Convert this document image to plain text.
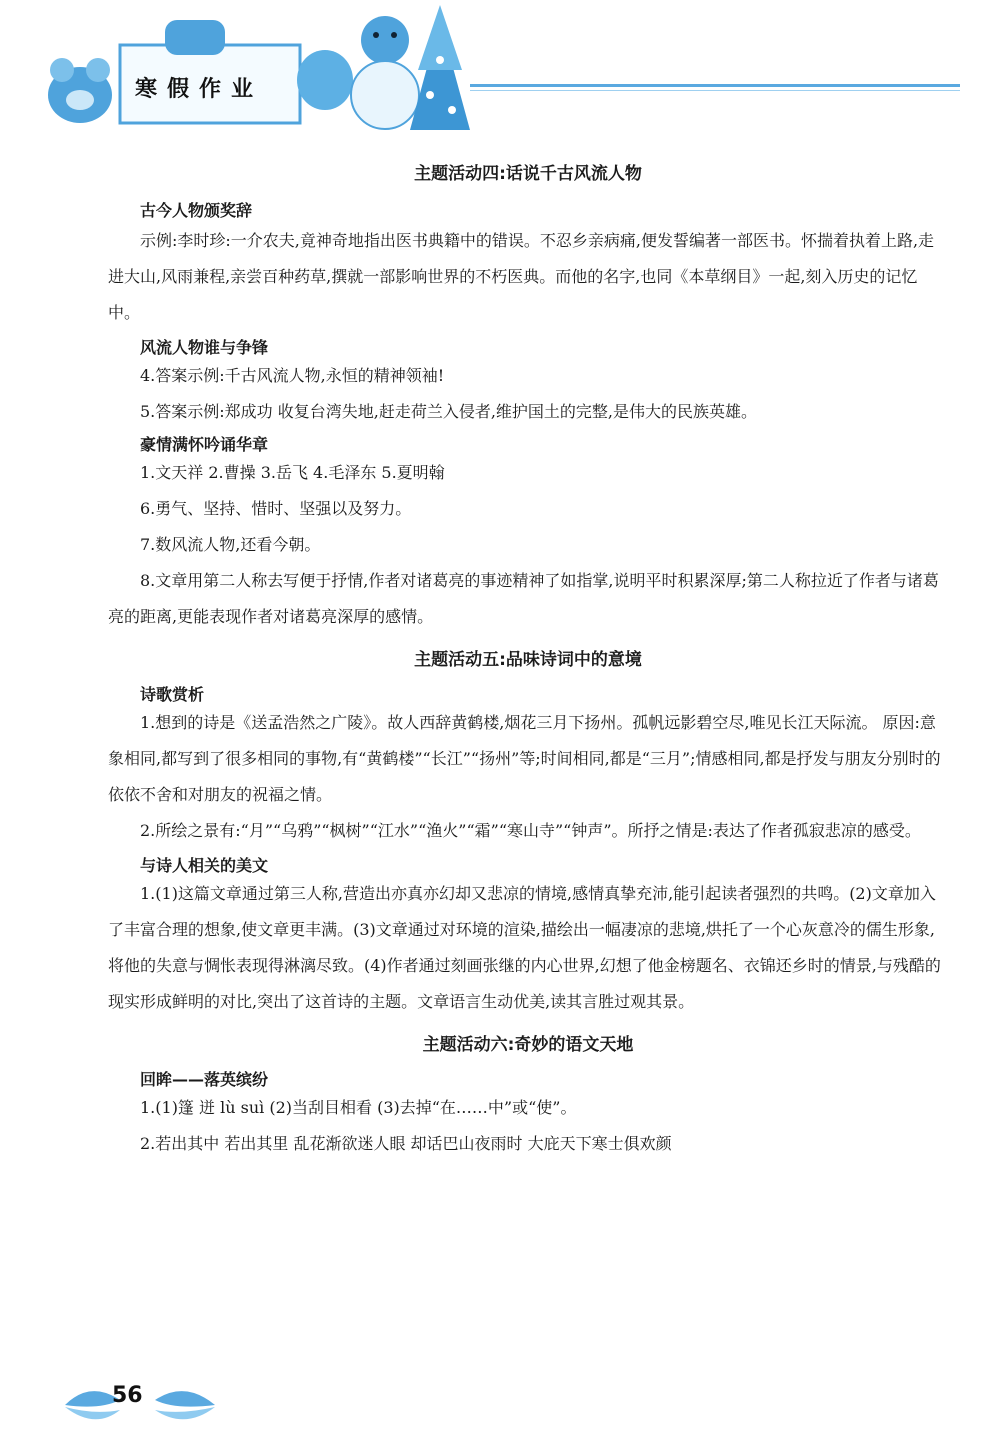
寒假作业

主题活动四:话说千古风流人物

古今人物颁奖辞

示例:李时珍:一介农夫,竟神奇地指出医书典籍中的错误。不忍乡亲病痛,便发誓编著一部医书。怀揣着执着上路,走进大山,风雨兼程,亲尝百种药草,撰就一部影响世界的不朽医典。而他的名字,也同《本草纲目》一起,刻入历史的记忆中。

风流人物谁与争锋

4.答案示例:千古风流人物,永恒的精神领袖!

5.答案示例:郑成功 收复台湾失地,赶走荷兰入侵者,维护国土的完整,是伟大的民族英雄。

豪情满怀吟诵华章

1.文天祥 2.曹操 3.岳飞 4.毛泽东 5.夏明翰

6.勇气、坚持、惜时、坚强以及努力。

7.数风流人物,还看今朝。

8.文章用第二人称去写便于抒情,作者对诸葛亮的事迹精神了如指掌,说明平时积累深厚;第二人称拉近了作者与诸葛亮的距离,更能表现作者对诸葛亮深厚的感情。

主题活动五:品味诗词中的意境

诗歌赏析

1.想到的诗是《送孟浩然之广陵》。故人西辞黄鹤楼,烟花三月下扬州。孤帆远影碧空尽,唯见长江天际流。 原因:意象相同,都写到了很多相同的事物,有“黄鹤楼”“长江”“扬州”等;时间相同,都是“三月”;情感相同,都是抒发与朋友分别时的依依不舍和对朋友的祝福之情。

2.所绘之景有:“月”“乌鸦”“枫树”“江水”“渔火”“霜”“寒山寺”“钟声”。所抒之情是:表达了作者孤寂悲凉的感受。

与诗人相关的美文

1.(1)这篇文章通过第三人称,营造出亦真亦幻却又悲凉的情境,感情真挚充沛,能引起读者强烈的共鸣。(2)文章加入了丰富合理的想象,使文章更丰满。(3)文章通过对环境的渲染,描绘出一幅凄凉的悲境,烘托了一个心灰意冷的儒生形象,将他的失意与惆怅表现得淋漓尽致。(4)作者通过刻画张继的内心世界,幻想了他金榜题名、衣锦还乡时的情景,与残酷的现实形成鲜明的对比,突出了这首诗的主题。文章语言生动优美,读其言胜过观其景。

主题活动六:奇妙的语文天地

回眸——落英缤纷

1.(1)篷 迸 lù suì (2)当刮目相看 (3)去掉“在……中”或“使”。

2.若出其中 若出其里 乱花渐欲迷人眼 却话巴山夜雨时 大庇天下寒士俱欢颜

56
